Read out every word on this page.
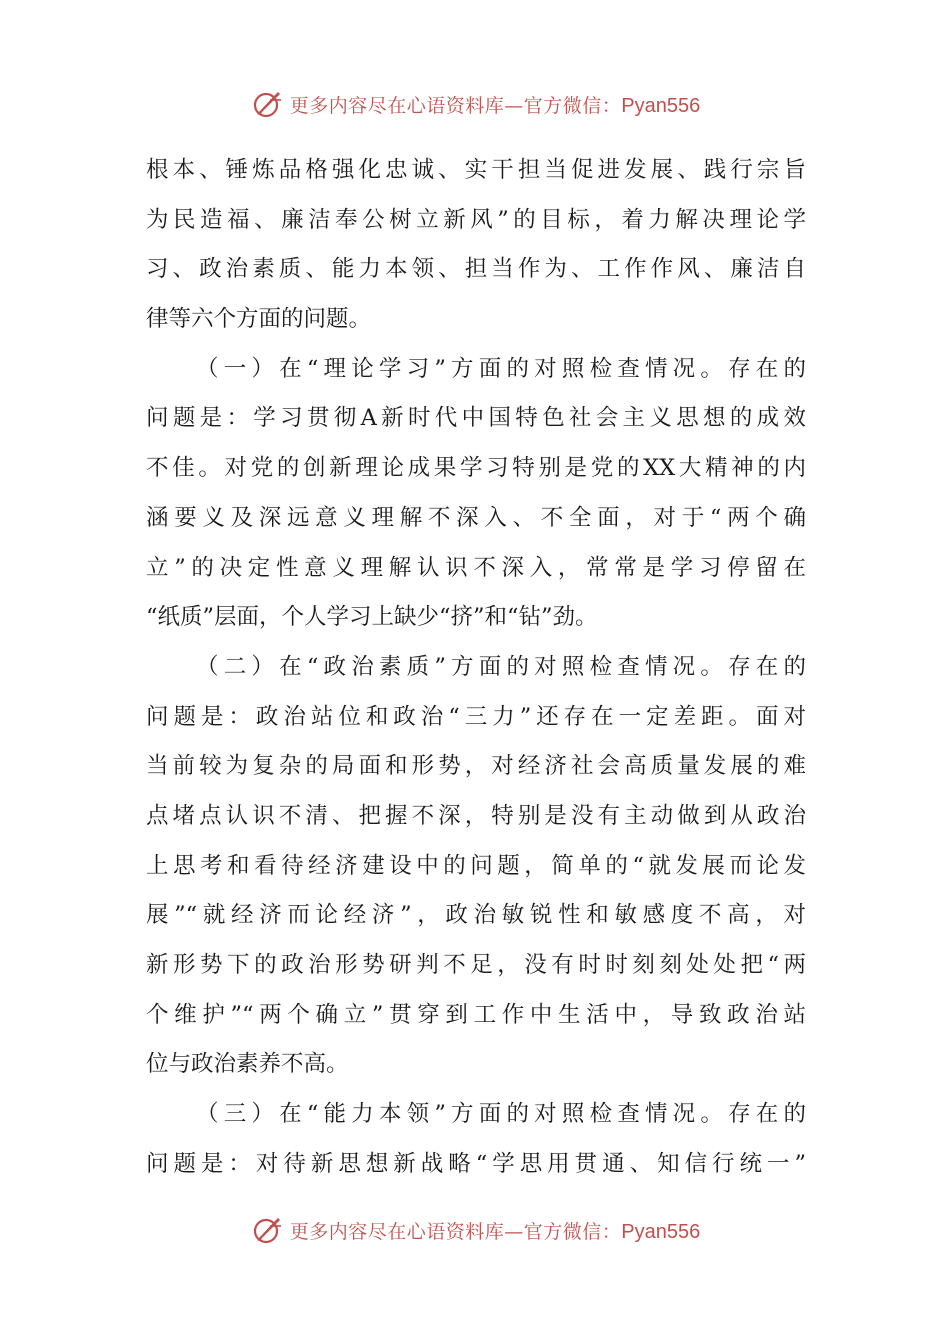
更多内容尽在心语资料库—官方微信：Pyan556
根本、锤炼品格强化忠诚、实干担当促进发展、践行宗旨
为民造福、廉洁奉公树立新风”的目标，着力解决理论学
习、政治素质、能力本领、担当作为、工作作风、廉洁自
律等六个方面的问题。
（一）在“理论学习”方面的对照检查情况。存在的
问题是：学习贯彻A新时代中国特色社会主义思想的成效
不佳。对党的创新理论成果学习特别是党的XX大精神的内
涵要义及深远意义理解不深入、不全面，对于“两个确
立”的决定性意义理解认识不深入，常常是学习停留在
“纸质”层面，个人学习上缺少“挤”和“钻”劲。
（二）在“政治素质”方面的对照检查情况。存在的
问题是：政治站位和政治“三力”还存在一定差距。面对
当前较为复杂的局面和形势，对经济社会高质量发展的难
点堵点认识不清、把握不深，特别是没有主动做到从政治
上思考和看待经济建设中的问题，简单的“就发展而论发
展”“就经济而论经济”，政治敏锐性和敏感度不高，对
新形势下的政治形势研判不足，没有时时刻刻处处把“两
个维护”“两个确立”贯穿到工作中生活中，导致政治站
位与政治素养不高。
（三）在“能力本领”方面的对照检查情况。存在的
问题是：对待新思想新战略“学思用贯通、知信行统一”
更多内容尽在心语资料库—官方微信：Pyan556
